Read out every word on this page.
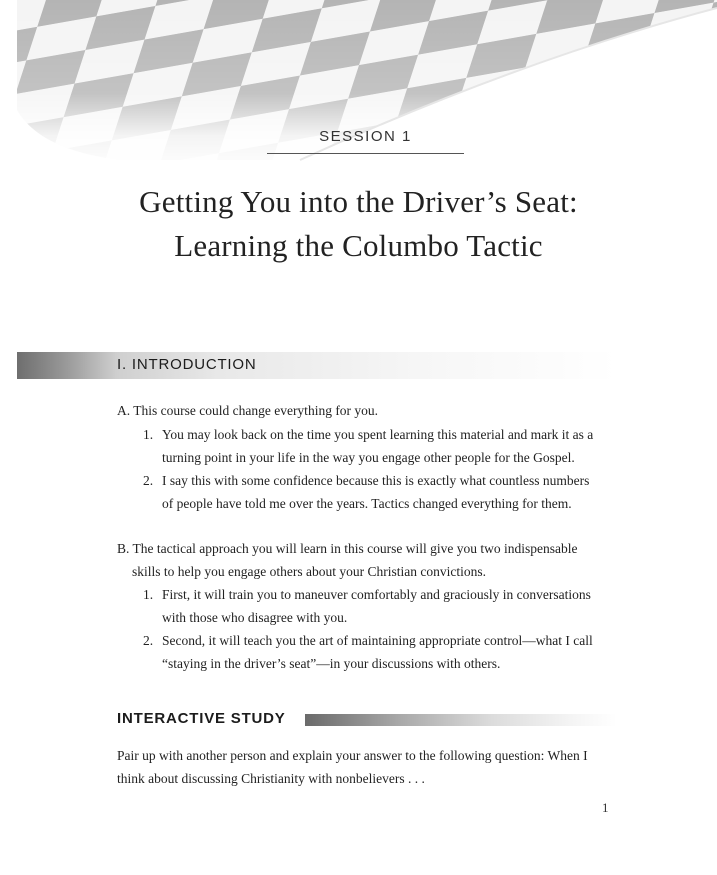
SESSION 1
Getting You into the Driver’s Seat:
Learning the Columbo Tactic
I. INTRODUCTION
A. This course could change everything for you.
1. You may look back on the time you spent learning this material and mark it as a
turning point in your life in the way you engage other people for the Gospel.
2. I say this with some confidence because this is exactly what countless numbers
of people have told me over the years. Tactics changed everything for them.
B. The tactical approach you will learn in this course will give you two indispensable
skills to help you engage others about your Christian convictions.
1. First, it will train you to maneuver comfortably and graciously in conversations
with those who disagree with you.
2. Second, it will teach you the art of maintaining appropriate control—what I call
“staying in the driver’s seat”—in your discussions with others.
INTERACTIVE STUDY
Pair up with another person and explain your answer to the following question: When I
think about discussing Christianity with nonbelievers . . .
1
